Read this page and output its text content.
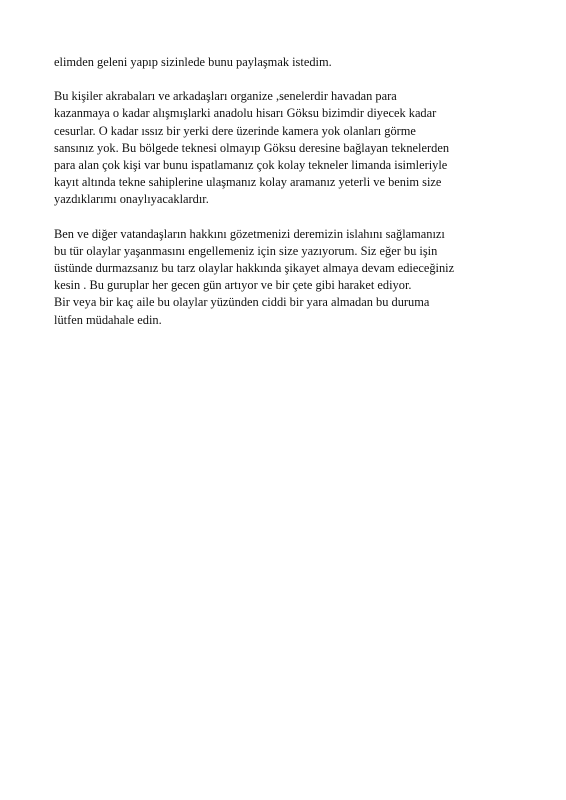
elimden geleni yapıp sizinlede bunu paylaşmak istedim.

Bu kişiler akrabaları ve arkadaşları organize ,senelerdir havadan para
kazanmaya o kadar alışmışlarki anadolu hisarı Göksu bizimdir diyecek kadar
cesurlar. O kadar ıssız bir yerki dere üzerinde kamera yok olanları görme
sansınız yok. Bu bölgede teknesi olmayıp Göksu deresine bağlayan teknelerden
para alan çok kişi var bunu ispatlamanız çok kolay tekneler limanda isimleriyle
kayıt altında tekne sahiplerine ulaşmanız kolay aramanız yeterli ve benim size
yazdıklarımı onaylıyacaklardır.

Ben ve diğer vatandaşların hakkını gözetmenizi deremizin islahını sağlamanızı
bu tür olaylar yaşanmasını engellemeniz için size yazıyorum. Siz eğer bu işin
üstünde durmazsanız bu tarz olaylar hakkında şikayet almaya devam edieceğiniz
kesin . Bu guruplar her gecen gün artıyor ve bir çete gibi haraket ediyor.
Bir veya bir kaç aile bu olaylar yüzünden ciddi bir yara almadan bu duruma
lütfen müdahale edin.
